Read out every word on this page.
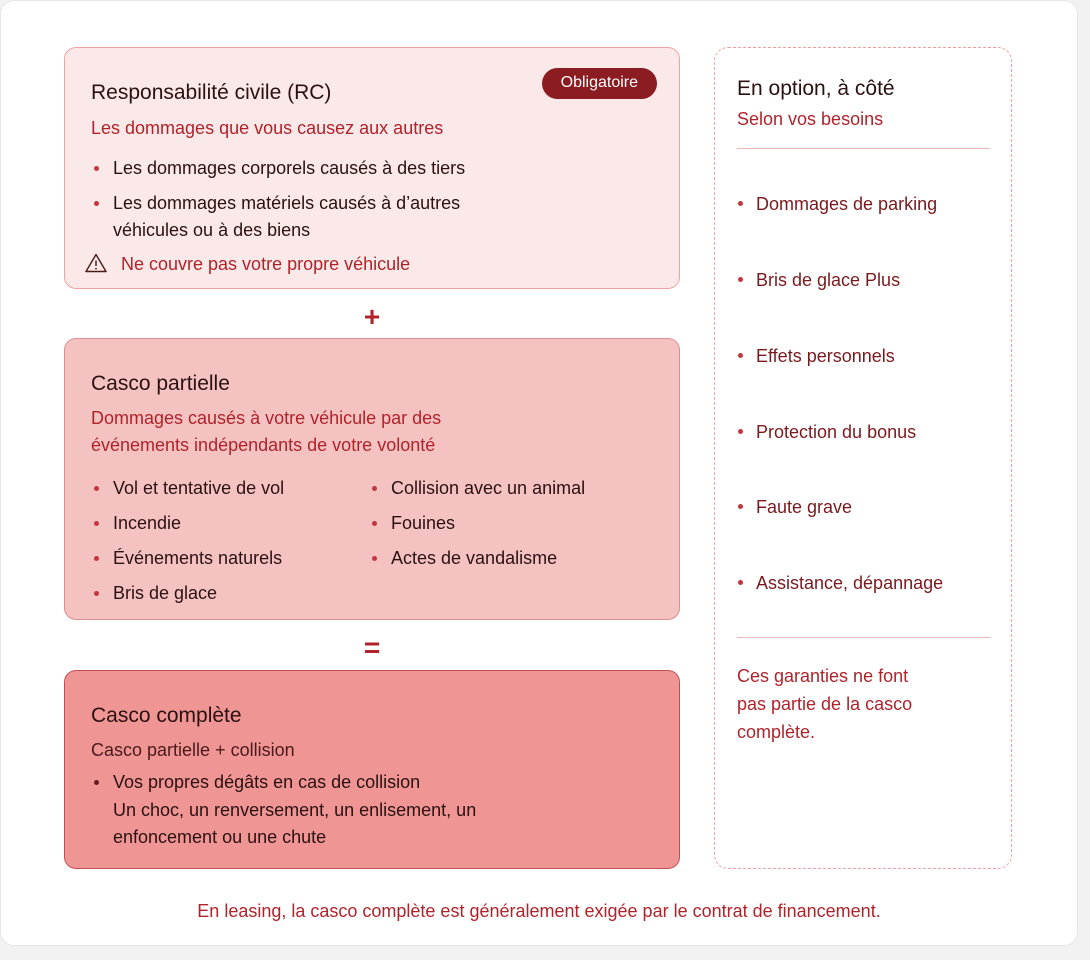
Responsabilité civile (RC)	Obligatoire
Les dommages que vous causez aux autres
Les dommages corporels causés à des tiers
Les dommages matériels causés à d’autres véhicules ou à des biens
Ne couvre pas votre propre véhicule
+
Casco partielle
Dommages causés à votre véhicule par des événements indépendants de votre volonté
Vol et tentative de vol
Incendie
Événements naturels
Bris de glace
Collision avec un animal
Fouines
Actes de vandalisme
=
Casco complète
Casco partielle + collision
Vos propres dégâts en cas de collision
Un choc, un renversement, un enlisement, un enfoncement ou une chute
En option, à côté
Selon vos besoins
Dommages de parking
Bris de glace Plus
Effets personnels
Protection du bonus
Faute grave
Assistance, dépannage
Ces garanties ne font pas partie de la casco complète.
En leasing, la casco complète est généralement exigée par le contrat de financement.
